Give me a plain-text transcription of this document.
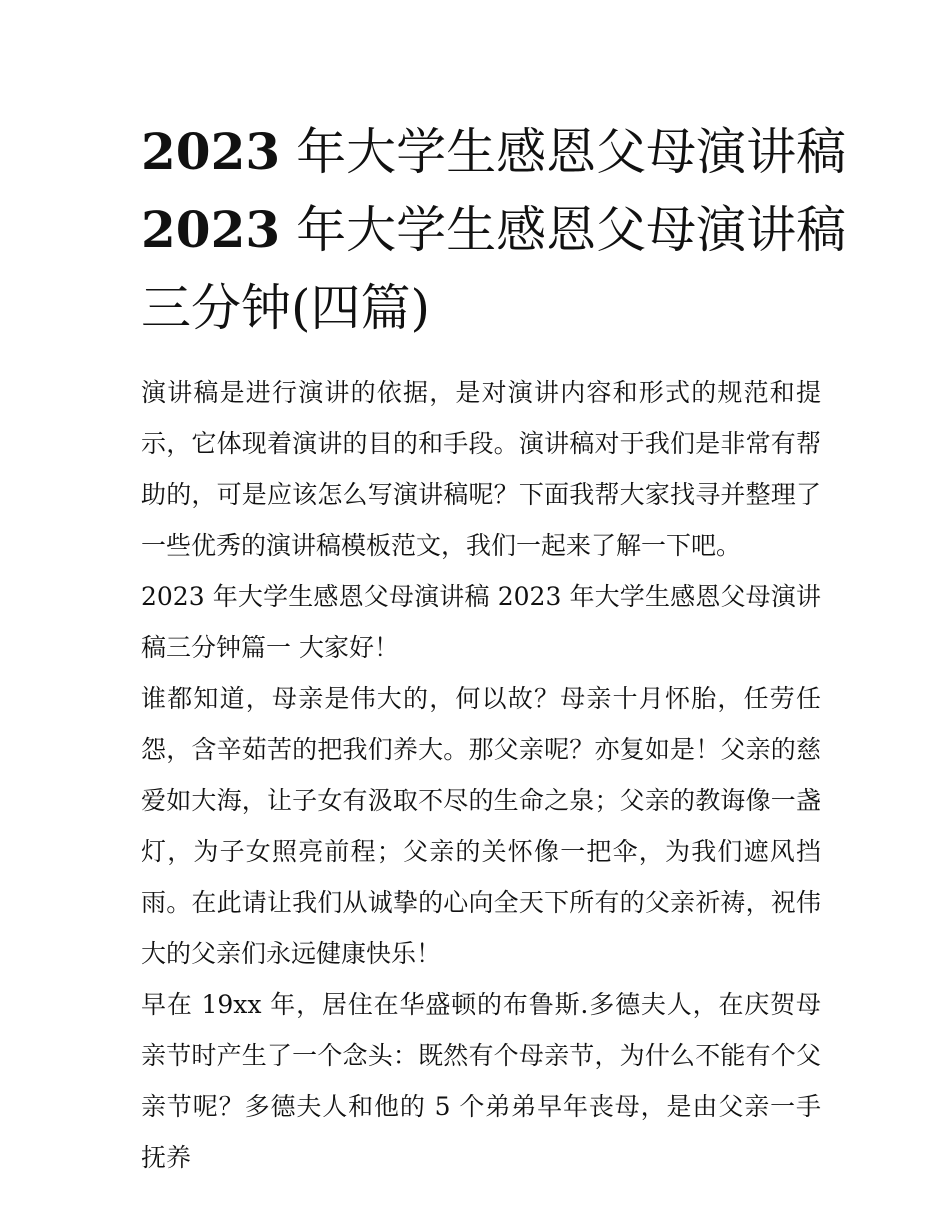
2023 年大学生感恩父母演讲稿
2023 年大学生感恩父母演讲稿
三分钟(四篇)

演讲稿是进行演讲的依据，是对演讲内容和形式的规范和提示，它体现着演讲的目的和手段。演讲稿对于我们是非常有帮助的，可是应该怎么写演讲稿呢？下面我帮大家找寻并整理了一些优秀的演讲稿模板范文，我们一起来了解一下吧。

2023 年大学生感恩父母演讲稿 2023 年大学生感恩父母演讲稿三分钟篇一 大家好！

谁都知道，母亲是伟大的，何以故？母亲十月怀胎，任劳任怨，含辛茹苦的把我们养大。那父亲呢？亦复如是！父亲的慈爱如大海，让子女有汲取不尽的生命之泉；父亲的教诲像一盏灯，为子女照亮前程；父亲的关怀像一把伞，为我们遮风挡雨。在此请让我们从诚挚的心向全天下所有的父亲祈祷，祝伟大的父亲们永远健康快乐！

早在 19xx 年，居住在华盛顿的布鲁斯.多德夫人，在庆贺母亲节时产生了一个念头：既然有个母亲节，为什么不能有个父亲节呢？多德夫人和他的 5 个弟弟早年丧母，是由父亲一手抚养
